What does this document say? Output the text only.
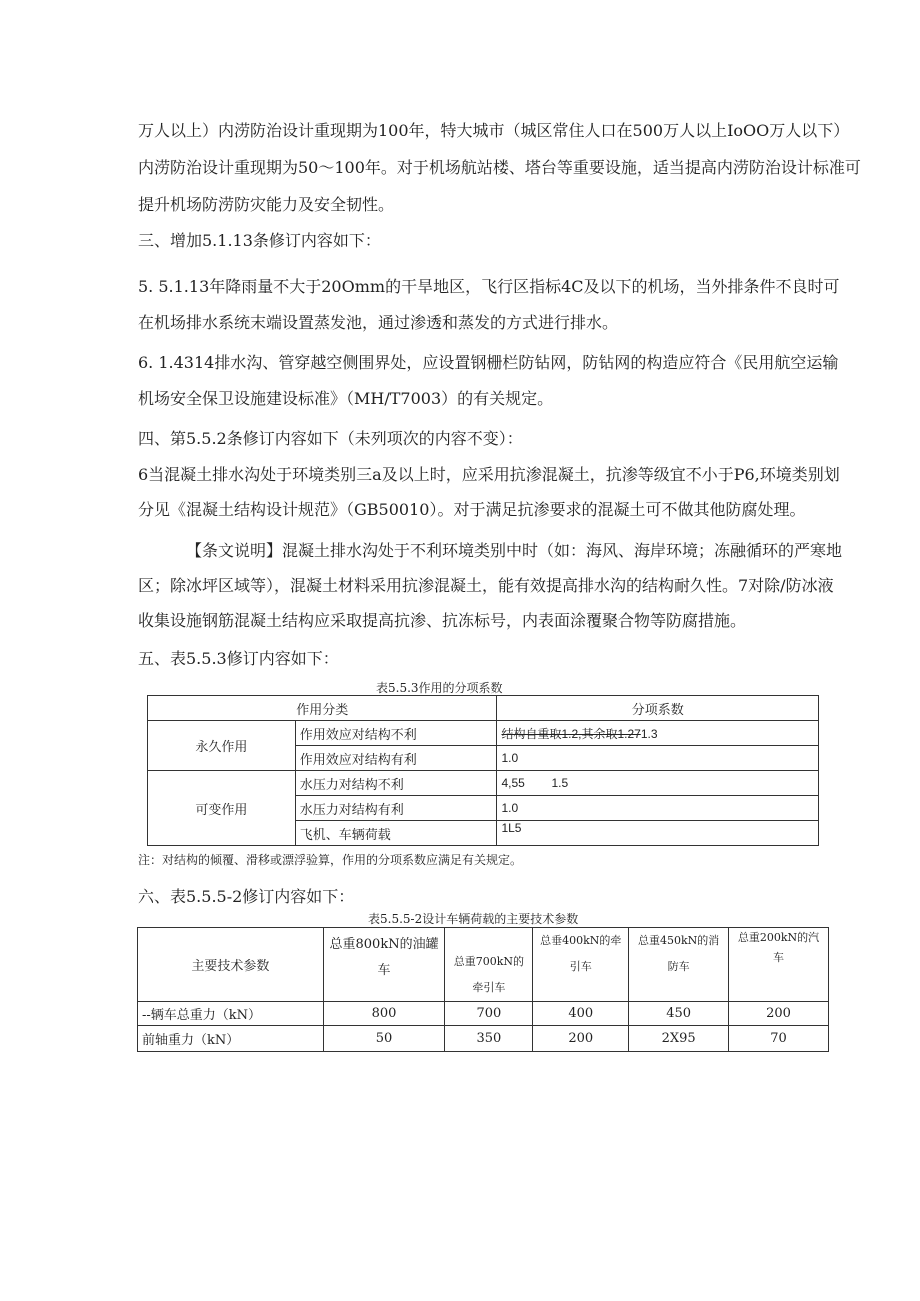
万人以上）内涝防治设计重现期为100年，特大城市（城区常住人口在500万人以上IoOO万人以下）
内涝防治设计重现期为50～100年。对于机场航站楼、塔台等重要设施，适当提高内涝防治设计标准可
提升机场防涝防灾能力及安全韧性。
三、增加5.1.13条修订内容如下：
5. 5.1.13年降雨量不大于20Omm的干旱地区，飞行区指标4C及以下的机场，当外排条件不良时可
在机场排水系统末端设置蒸发池，通过渗透和蒸发的方式进行排水。
6. 1.4314排水沟、管穿越空侧围界处，应设置钢栅栏防钻网，防钻网的构造应符合《民用航空运输
机场安全保卫设施建设标准》（MH/T7003）的有关规定。
四、第5.5.2条修订内容如下（未列项次的内容不变）：
6当混凝土排水沟处于环境类别三a及以上时，应采用抗渗混凝土，抗渗等级宜不小于P6,环境类别划
分见《混凝土结构设计规范》（GB50010）。对于满足抗渗要求的混凝土可不做其他防腐处理。
【条文说明】混凝土排水沟处于不利环境类别中时（如：海风、海岸环境；冻融循环的严寒地
区；除冰坪区域等），混凝土材料采用抗渗混凝土，能有效提高排水沟的结构耐久性。7对除/防冰液
收集设施钢筋混凝土结构应采取提高抗渗、抗冻标号，内表面涂覆聚合物等防腐措施。
五、表5.5.3修订内容如下：
表5.5.3作用的分项系数
作用分类		分项系数
永久作用	作用效应对结构不利	结构自重取1.2,其余取1.271.3
	作用效应对结构有利	1.0
可变作用	水压力对结构不利	4,55        1.5
	水压力对结构有利	1.0
	飞机、车辆荷载	1L5
注：对结构的倾覆、滑移或漂浮验算，作用的分项系数应满足有关规定。
六、表5.5.5-2修订内容如下：
表5.5.5-2设计车辆荷载的主要技术参数
主要技术参数	总重800kN的油罐车	总重700kN的牵引车	总垂400kN的牵引车	总重450kN的消防车	总重200kN的汽车
--辆车总重力（kN）	800	700	400	450	200
前轴重力（kN）	50	350	200	2X95	70
